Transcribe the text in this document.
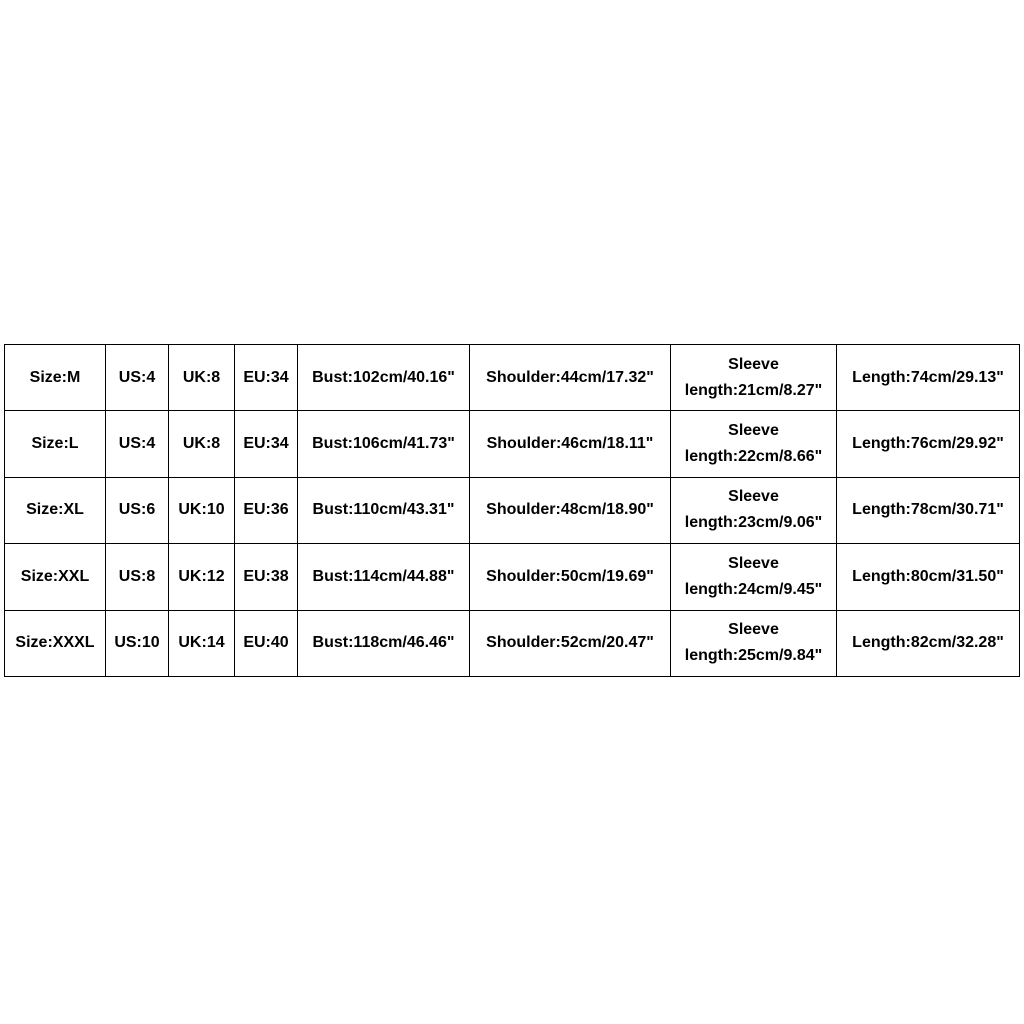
Size:M	US:4	UK:8	EU:34	Bust:102cm/40.16"	Shoulder:44cm/17.32"	Sleeve
length:21cm/8.27"	Length:74cm/29.13"
Size:L	US:4	UK:8	EU:34	Bust:106cm/41.73"	Shoulder:46cm/18.11"	Sleeve
length:22cm/8.66"	Length:76cm/29.92"
Size:XL	US:6	UK:10	EU:36	Bust:110cm/43.31"	Shoulder:48cm/18.90"	Sleeve
length:23cm/9.06"	Length:78cm/30.71"
Size:XXL	US:8	UK:12	EU:38	Bust:114cm/44.88"	Shoulder:50cm/19.69"	Sleeve
length:24cm/9.45"	Length:80cm/31.50"
Size:XXXL	US:10	UK:14	EU:40	Bust:118cm/46.46"	Shoulder:52cm/20.47"	Sleeve
length:25cm/9.84"	Length:82cm/32.28"
